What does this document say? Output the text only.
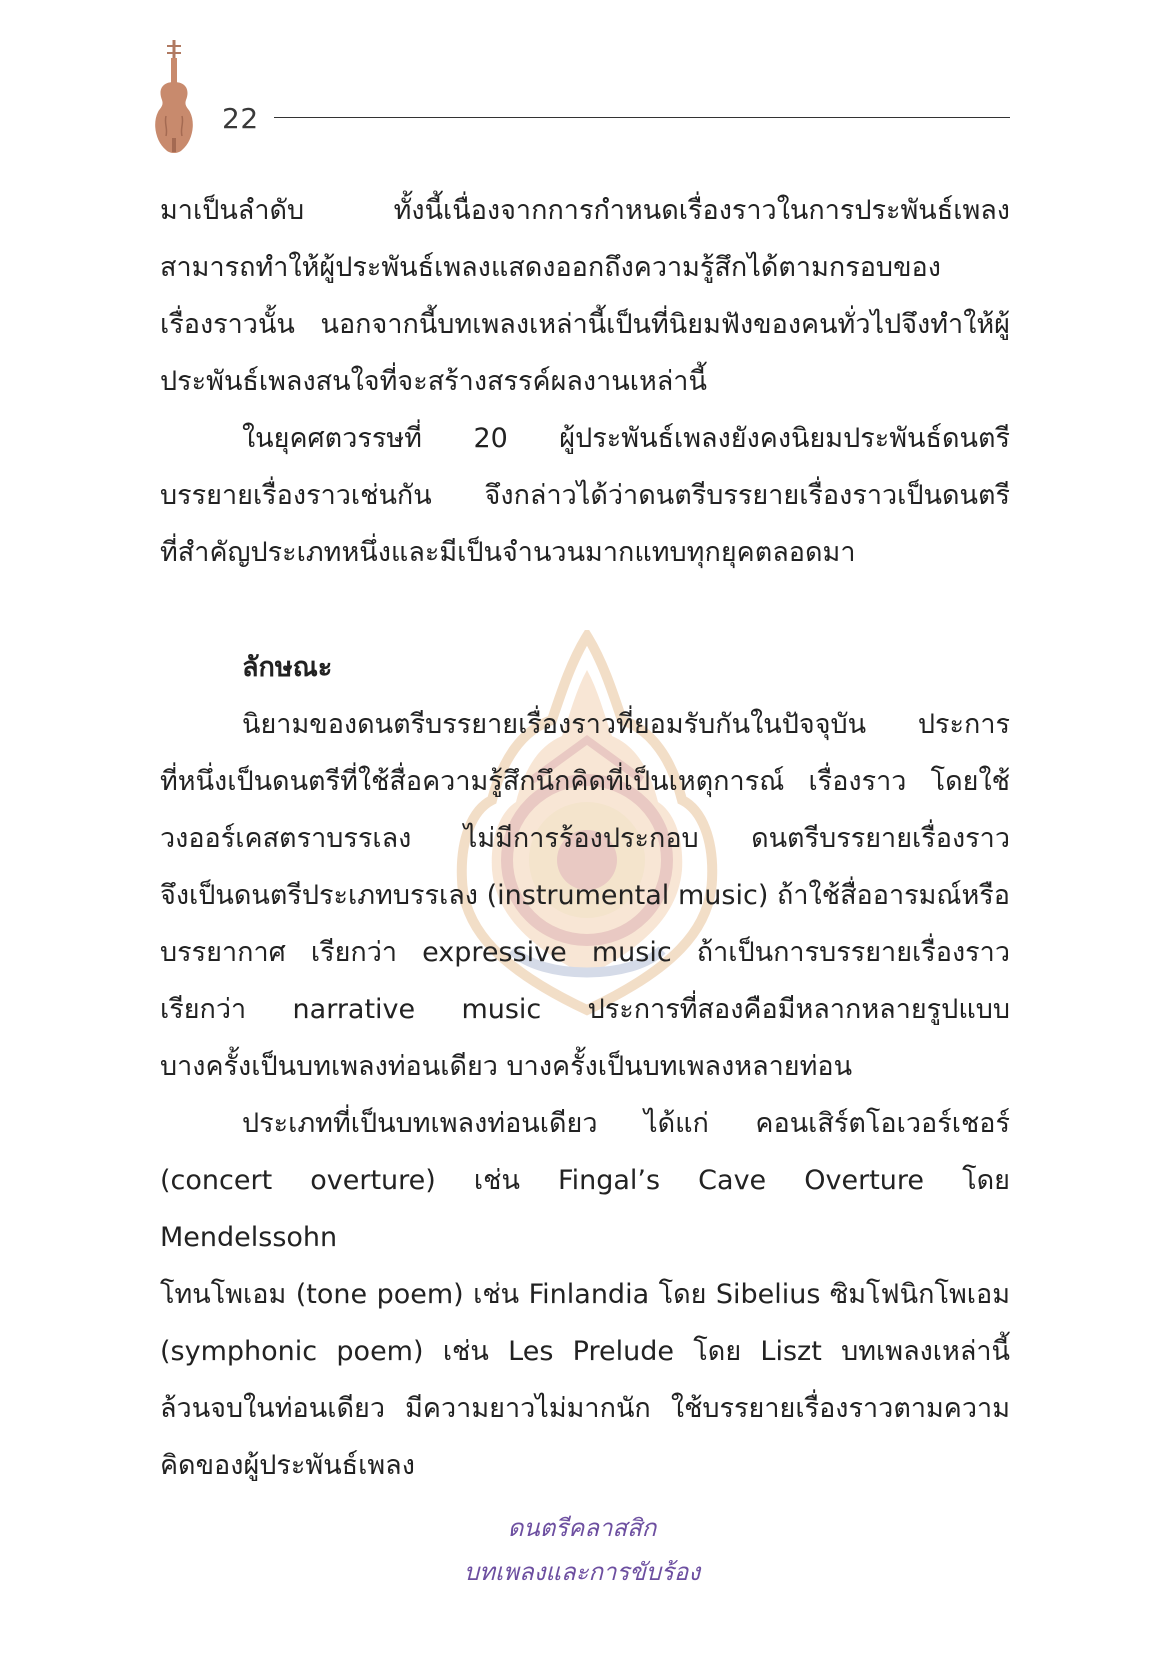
22
มาเป็นลำดับ ทั้งนี้เนื่องจากการกำหนดเรื่องราวในการประพันธ์เพลง
สามารถทำให้ผู้ประพันธ์เพลงแสดงออกถึงความรู้สึกได้ตามกรอบของ
เรื่องราวนั้น นอกจากนี้บทเพลงเหล่านี้เป็นที่นิยมฟังของคนทั่วไปจึงทำให้ผู้
ประพันธ์เพลงสนใจที่จะสร้างสรรค์ผลงานเหล่านี้
ในยุคศตวรรษที่ 20 ผู้ประพันธ์เพลงยังคงนิยมประพันธ์ดนตรี
บรรยายเรื่องราวเช่นกัน จึงกล่าวได้ว่าดนตรีบรรยายเรื่องราวเป็นดนตรี
ที่สำคัญประเภทหนึ่งและมีเป็นจำนวนมากแทบทุกยุคตลอดมา
ลักษณะ
นิยามของดนตรีบรรยายเรื่องราวที่ยอมรับกันในปัจจุบัน ประการ
ที่หนึ่งเป็นดนตรีที่ใช้สื่อความรู้สึกนึกคิดที่เป็นเหตุการณ์ เรื่องราว โดยใช้
วงออร์เคสตราบรรเลง ไม่มีการร้องประกอบ ดนตรีบรรยายเรื่องราว
จึงเป็นดนตรีประเภทบรรเลง (instrumental music) ถ้าใช้สื่ออารมณ์หรือ
บรรยากาศ เรียกว่า expressive music ถ้าเป็นการบรรยายเรื่องราว
เรียกว่า narrative music ประการที่สองคือมีหลากหลายรูปแบบ
บางครั้งเป็นบทเพลงท่อนเดียว บางครั้งเป็นบทเพลงหลายท่อน
ประเภทที่เป็นบทเพลงท่อนเดียว ได้แก่ คอนเสิร์ตโอเวอร์เชอร์
(concert overture) เช่น Fingal’s Cave Overture โดย Mendelssohn
โทนโพเอม (tone poem) เช่น Finlandia โดย Sibelius ซิมโฟนิกโพเอม
(symphonic poem) เช่น Les Prelude โดย Liszt บทเพลงเหล่านี้
ล้วนจบในท่อนเดียว มีความยาวไม่มากนัก ใช้บรรยายเรื่องราวตามความ
คิดของผู้ประพันธ์เพลง
ดนตรีคลาสสิก
บทเพลงและการขับร้อง
